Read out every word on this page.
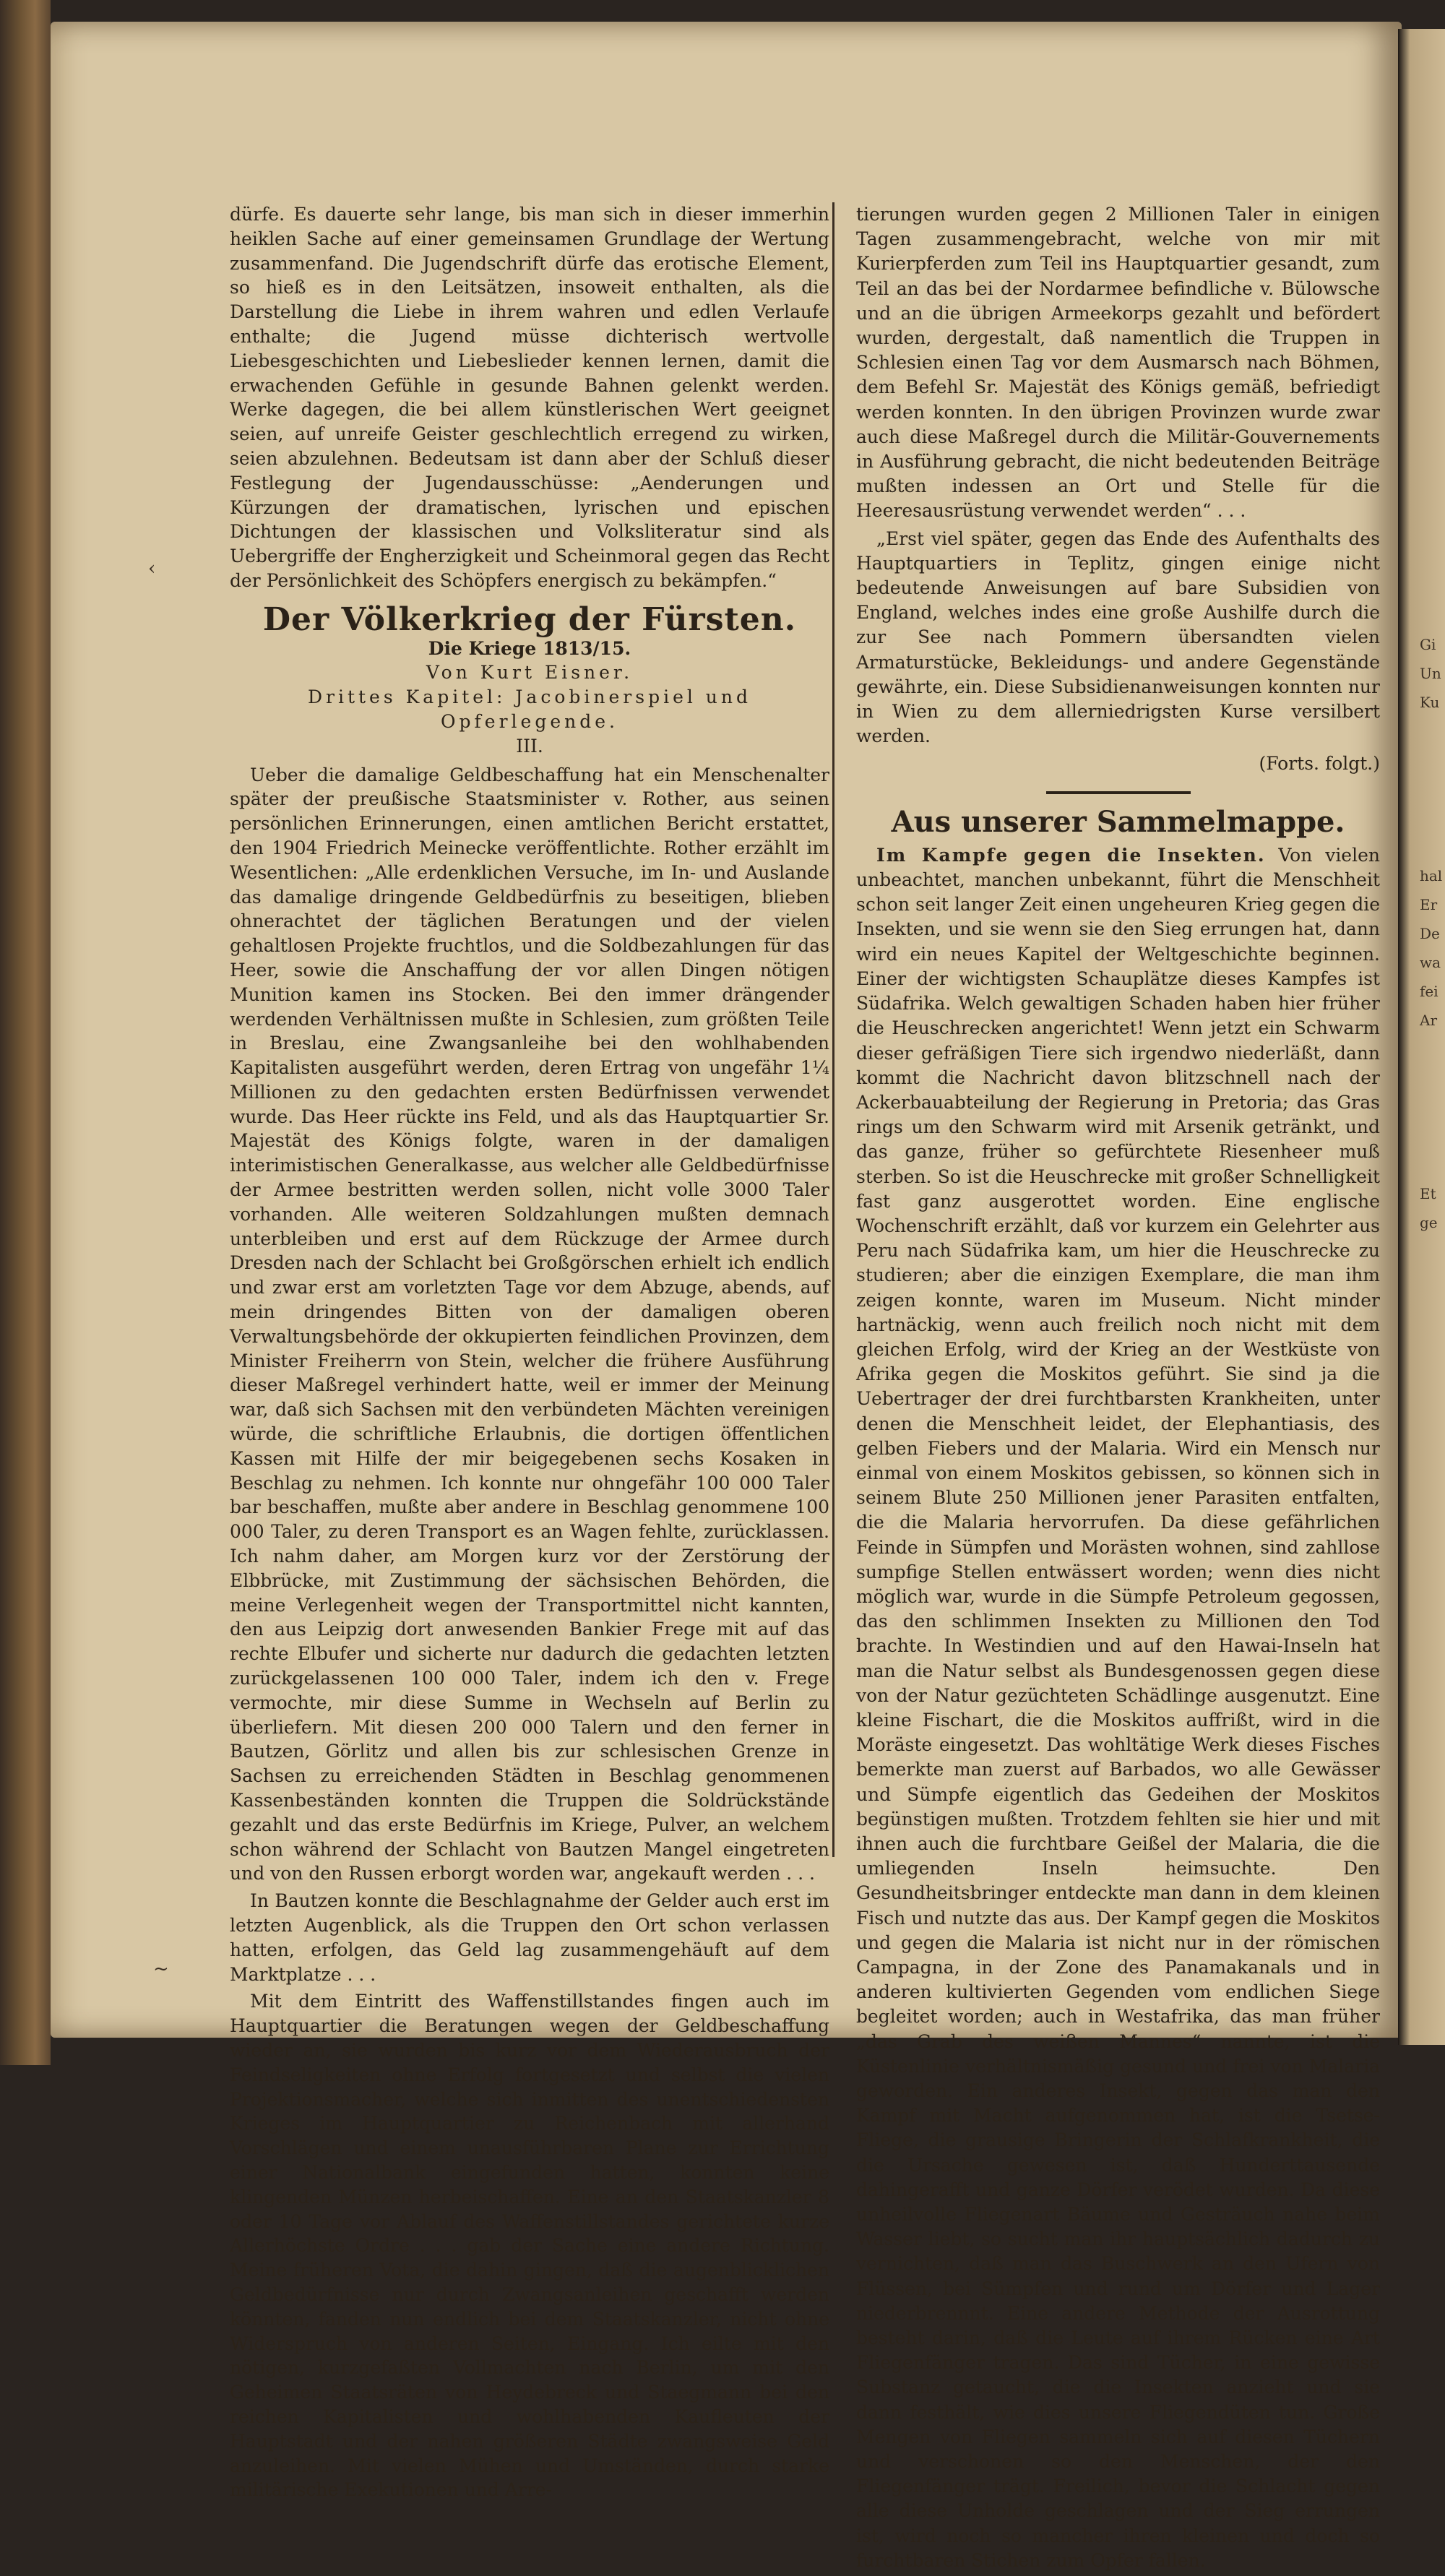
Gi
Un
Ku
hal
Er
De
wa
fei
Ar
Et
ge
‹
~

dürfe. Es dauerte sehr lange, bis man sich in dieser immerhin heiklen Sache auf einer gemeinsamen Grundlage der Wertung zusammenfand. Die Jugendschrift dürfe das erotische Element, so hieß es in den Leitsätzen, insoweit enthalten, als die Darstellung die Liebe in ihrem wahren und edlen Verlaufe enthalte; die Jugend müsse dichterisch wertvolle Liebesgeschichten und Liebeslieder kennen lernen, damit die erwachenden Gefühle in gesunde Bahnen gelenkt werden. Werke dagegen, die bei allem künstlerischen Wert geeignet seien, auf unreife Geister geschlechtlich erregend zu wirken, seien abzulehnen. Bedeutsam ist dann aber der Schluß dieser Festlegung der Jugendausschüsse: „Aenderungen und Kürzungen der dramatischen, lyrischen und epischen Dichtungen der klassischen und Volksliteratur sind als Uebergriffe der Engherzigkeit und Scheinmoral gegen das Recht der Persönlichkeit des Schöpfers energisch zu bekämpfen.“

Der Völkerkrieg der Fürsten.
Die Kriege 1813/15.
Von Kurt Eisner.
Drittes Kapitel: Jacobinerspiel und Opferlegende.
III.

Ueber die damalige Geldbeschaffung hat ein Menschenalter später der preußische Staatsminister v. Rother, aus seinen persönlichen Erinnerungen, einen amtlichen Bericht erstattet, den 1904 Friedrich Meinecke veröffentlichte. Rother erzählt im Wesentlichen: „Alle erdenklichen Versuche, im In- und Auslande das damalige dringende Geldbedürfnis zu beseitigen, blieben ohnerachtet der täglichen Beratungen und der vielen gehaltlosen Projekte fruchtlos, und die Soldbezahlungen für das Heer, sowie die Anschaffung der vor allen Dingen nötigen Munition kamen ins Stocken. Bei den immer drängender werdenden Verhältnissen mußte in Schlesien, zum größten Teile in Breslau, eine Zwangsanleihe bei den wohlhabenden Kapitalisten ausgeführt werden, deren Ertrag von ungefähr 1¼ Millionen zu den gedachten ersten Bedürfnissen verwendet wurde. Das Heer rückte ins Feld, und als das Hauptquartier Sr. Majestät des Königs folgte, waren in der damaligen interimistischen Generalkasse, aus welcher alle Geldbedürfnisse der Armee bestritten werden sollen, nicht volle 3000 Taler vorhanden. Alle weiteren Soldzahlungen mußten demnach unterbleiben und erst auf dem Rückzuge der Armee durch Dresden nach der Schlacht bei Großgörschen erhielt ich endlich und zwar erst am vorletzten Tage vor dem Abzuge, abends, auf mein dringendes Bitten von der damaligen oberen Verwaltungsbehörde der okkupierten feindlichen Provinzen, dem Minister Freiherrn von Stein, welcher die frühere Ausführung dieser Maßregel verhindert hatte, weil er immer der Meinung war, daß sich Sachsen mit den verbündeten Mächten vereinigen würde, die schriftliche Erlaubnis, die dortigen öffentlichen Kassen mit Hilfe der mir beigegebenen sechs Kosaken in Beschlag zu nehmen. Ich konnte nur ohngefähr 100 000 Taler bar beschaffen, mußte aber andere in Beschlag genommene 100 000 Taler, zu deren Transport es an Wagen fehlte, zurücklassen. Ich nahm daher, am Morgen kurz vor der Zerstörung der Elbbrücke, mit Zustimmung der sächsischen Behörden, die meine Verlegenheit wegen der Transportmittel nicht kannten, den aus Leipzig dort anwesenden Bankier Frege mit auf das rechte Elbufer und sicherte nur dadurch die gedachten letzten zurückgelassenen 100 000 Taler, indem ich den v. Frege vermochte, mir diese Summe in Wechseln auf Berlin zu überliefern. Mit diesen 200 000 Talern und den ferner in Bautzen, Görlitz und allen bis zur schlesischen Grenze in Sachsen zu erreichenden Städten in Beschlag genommenen Kassenbeständen konnten die Truppen die Soldrückstände gezahlt und das erste Bedürfnis im Kriege, Pulver, an welchem schon während der Schlacht von Bautzen Mangel eingetreten und von den Russen erborgt worden war, angekauft werden . . .

In Bautzen konnte die Beschlagnahme der Gelder auch erst im letzten Augenblick, als die Truppen den Ort schon verlassen hatten, erfolgen, das Geld lag zusammengehäuft auf dem Marktplatze . . .

Mit dem Eintritt des Waffenstillstandes fingen auch im Hauptquartier die Beratungen wegen der Geldbeschaffung wieder an, sie wurden bis kurz vor dem Wiederausbruch der Feindseligkeiten ohne Erfolg fortgesetzt und selbst die vielen Projektionsmacher, welche sich inmitten des unentschiedensten Krieges im Hauptquartier zu Reichenbach mit allerhand Vorschlägen und einem unausführbaren Plane zur Errichtung einer Nationalbank eingefunden hatten, konnten keine klingenden Münzen herbeischaffen. Eine an den Staatskanzler 8 oder 10 Tage vor Ablauf des Waffenstillstandes gerichtete kurze Allerhöchste Ordre . . . gab der Sache eine andere Richtung. Meine früheren Vota, die dahin gingen, daß die augenblicklichen Geldbedürfnisse nur durch Zwangsanleihen geschafft werden könnten, fanden nun endlich bei dem Staatskanzler, nicht ohne Widerspruch von anderen Seiten, Eingang. Ich eilte mit den nötigen, kurzgefaßten Vollmachten nach Berlin, um mit den Geheimen Staatsräten von Heydebreck und Staegmann bei den reichen Kapitalisten und wohlhabenden Kaufleuten der Hauptstadt und der nahen größeren Städte zwangsweise Geld anzuleihen. Mit vielen Mühen und Umständen, durch starke militärische Exekutionen und Arre-

tierungen wurden gegen 2 Millionen Taler in einigen Tagen zusammengebracht, welche von mir mit Kurierpferden zum Teil ins Hauptquartier gesandt, zum Teil an das bei der Nordarmee befindliche v. Bülowsche und an die übrigen Armeekorps gezahlt und befördert wurden, dergestalt, daß namentlich die Truppen in Schlesien einen Tag vor dem Ausmarsch nach Böhmen, dem Befehl Sr. Majestät des Königs gemäß, befriedigt werden konnten. In den übrigen Provinzen wurde zwar auch diese Maßregel durch die Militär-Gouvernements in Ausführung gebracht, die nicht bedeutenden Beiträge mußten indessen an Ort und Stelle für die Heeresausrüstung verwendet werden“ . . .

„Erst viel später, gegen das Ende des Aufenthalts des Hauptquartiers in Teplitz, gingen einige nicht bedeutende Anweisungen auf bare Subsidien von England, welches indes eine große Aushilfe durch die zur See nach Pommern übersandten vielen Armaturstücke, Bekleidungs- und andere Gegenstände gewährte, ein. Diese Subsidienanweisungen konnten nur in Wien zu dem allerniedrigsten Kurse versilbert werden.

(Forts. folgt.)
Aus unserer Sammelmappe.

Im Kampfe gegen die Insekten. Von vielen unbeachtet, manchen unbekannt, führt die Menschheit schon seit langer Zeit einen ungeheuren Krieg gegen die Insekten, und sie wenn sie den Sieg errungen hat, dann wird ein neues Kapitel der Weltgeschichte beginnen. Einer der wichtigsten Schauplätze dieses Kampfes ist Südafrika. Welch gewaltigen Schaden haben hier früher die Heuschrecken angerichtet! Wenn jetzt ein Schwarm dieser gefräßigen Tiere sich irgendwo niederläßt, dann kommt die Nachricht davon blitzschnell nach der Ackerbauabteilung der Regierung in Pretoria; das Gras rings um den Schwarm wird mit Arsenik getränkt, und das ganze, früher so gefürchtete Riesenheer muß sterben. So ist die Heuschrecke mit großer Schnelligkeit fast ganz ausgerottet worden. Eine englische Wochenschrift erzählt, daß vor kurzem ein Gelehrter aus Peru nach Südafrika kam, um hier die Heuschrecke zu studieren; aber die einzigen Exemplare, die man ihm zeigen konnte, waren im Museum. Nicht minder hartnäckig, wenn auch freilich noch nicht mit dem gleichen Erfolg, wird der Krieg an der Westküste von Afrika gegen die Moskitos geführt. Sie sind ja die Uebertrager der drei furchtbarsten Krankheiten, unter denen die Menschheit leidet, der Elephantiasis, des gelben Fiebers und der Malaria. Wird ein Mensch nur einmal von einem Moskitos gebissen, so können sich in seinem Blute 250 Millionen jener Parasiten entfalten, die die Malaria hervorrufen. Da diese gefährlichen Feinde in Sümpfen und Morästen wohnen, sind zahllose sumpfige Stellen entwässert worden; wenn dies nicht möglich war, wurde in die Sümpfe Petroleum gegossen, das den schlimmen Insekten zu Millionen den Tod brachte. In Westindien und auf den Hawai-Inseln hat man die Natur selbst als Bundesgenossen gegen diese von der Natur gezüchteten Schädlinge ausgenutzt. Eine kleine Fischart, die die Moskitos auffrißt, wird in die Moräste eingesetzt. Das wohltätige Werk dieses Fisches bemerkte man zuerst auf Barbados, wo alle Gewässer und Sümpfe eigentlich das Gedeihen der Moskitos begünstigen mußten. Trotzdem fehlten sie hier und mit ihnen auch die furchtbare Geißel der Malaria, die die umliegenden Inseln heimsuchte. Den Gesundheitsbringer entdeckte man dann in dem kleinen Fisch und nutzte das aus. Der Kampf gegen die Moskitos und gegen die Malaria ist nicht nur in der römischen Campagna, in der Zone des Panamakanals und in anderen kultivierten Gegenden vom endlichen Siege begleitet worden; auch in Westafrika, das man früher „das Grab des weißen Mannes“ nannte, ist die Küstenlinie verhältnismäßig gesund und frei von Malaria geworden. Ein anderes Insekt, gegen das man den Kampf mit Macht aufgenommen hat, ist die Tsetse-Fliege, die grausige Bringerin der Schlafkrankheit, die die Ursache gewesen ist, daß Hunderttausende dahingerafft und ganze Dörfer verödet wurden. Da diese unheilvolle Fliegenart Bäume und Gesträuch nahe beim Wasser liebt, so sucht man ihr hauptsächlich dadurch zu vernichten, daß man das Buschwerk an den Ufern von Flüssen, bei Sümpfen und rund um Dörfer und Lager niederbrennnt. Eine andere Methode der Ausrottung besteht darin, daß die Leute auf ihrem Rücken eine Art Fliegenfänger tragen. Das sind Tücher, in eine gewisse Substanz getaucht, die die Insekten anzieht und sie dann festhält, wie dies unsere Fliegendüten tun. Große Mengen von Fliegen sammeln sich auf diesen Tüchern und verschonen so den Menschen, der den Fliegenfänger trägt. Freilich, bevor die Schlacht gegen alle diese Unholde geschlagen und der Sieg errungen ist, wird noch so mancher ihren kleinen und doch so furchtbaren Stichen zum Opfer fallen.
